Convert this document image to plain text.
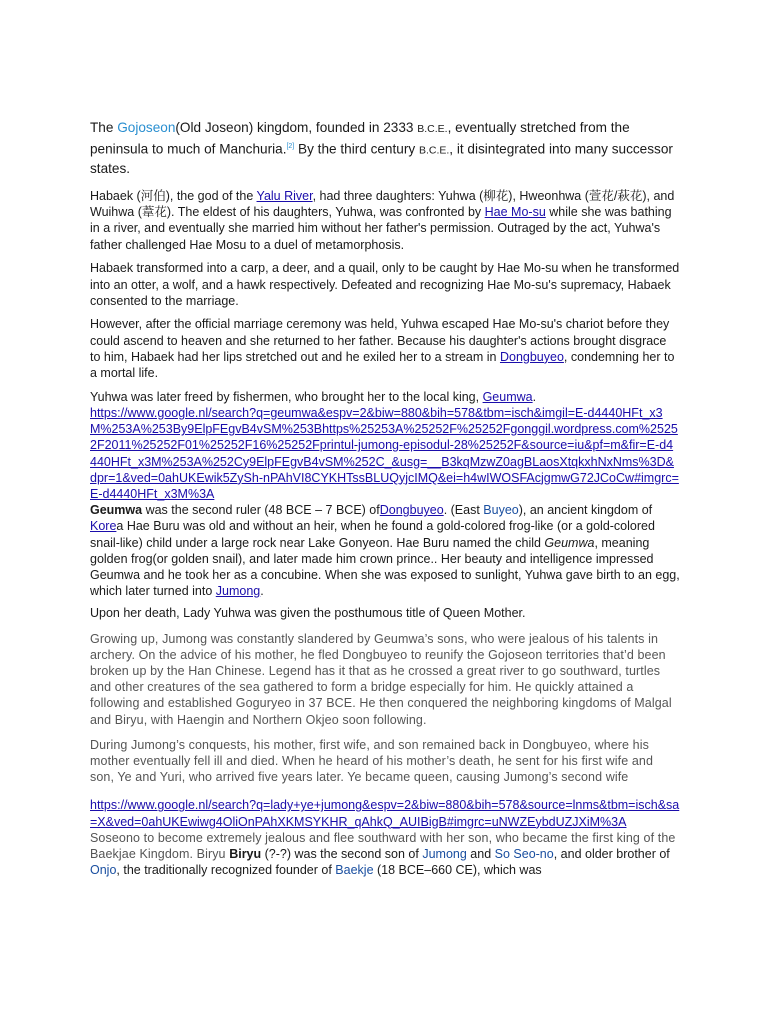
The Gojoseon(Old Joseon) kingdom, founded in 2333 B.C.E., eventually stretched from the peninsula to much of Manchuria.[2] By the third century B.C.E., it disintegrated into many successor states.

Habaek (河伯), the god of the Yalu River, had three daughters: Yuhwa (柳花), Hweonhwa (萱花/萩花), and Wuihwa (葦花). The eldest of his daughters, Yuhwa, was confronted by Hae Mo-su while she was bathing in a river, and eventually she married him without her father's permission. Outraged by the act, Yuhwa's father challenged Hae Mosu to a duel of metamorphosis.

Habaek transformed into a carp, a deer, and a quail, only to be caught by Hae Mo-su when he transformed into an otter, a wolf, and a hawk respectively. Defeated and recognizing Hae Mo-su's supremacy, Habaek consented to the marriage.

However, after the official marriage ceremony was held, Yuhwa escaped Hae Mo-su's chariot before they could ascend to heaven and she returned to her father. Because his daughter's actions brought disgrace to him, Habaek had her lips stretched out and he exiled her to a stream in Dongbuyeo, condemning her to a mortal life.

Yuhwa was later freed by fishermen, who brought her to the local king, Geumwa.
https://www.google.nl/search?q=geumwa&espv=2&biw=880&bih=578&tbm=isch&imgil=E-d4440HFt_x3M%253A%253By9ElpFEgvB4vSM%253Bhttps%25253A%25252F%25252Fgonggil.wordpress.com%25252F2011%25252F01%25252F16%25252Fprintul-jumong-episodul-28%25252F&source=iu&pf=m&fir=E-d4440HFt_x3M%253A%252Cy9ElpFEgvB4vSM%252C_&usg=__B3kqMzwZ0agBLaosXtqkxhNxNms%3D&dpr=1&ved=0ahUKEwik5ZySh-nPAhVI8CYKHTssBLUQyjcIMQ&ei=h4wIWOSFAcjgmwG72JCoCw#imgrc=E-d4440HFt_x3M%3A
Geumwa was the second ruler (48 BCE – 7 BCE) ofDongbuyeo. (East Buyeo), an ancient kingdom of Korea Hae Buru was old and without an heir, when he found a gold-colored frog-like (or a gold-colored snail-like) child under a large rock near Lake Gonyeon. Hae Buru named the child Geumwa, meaning golden frog(or golden snail), and later made him crown prince.. Her beauty and intelligence impressed Geumwa and he took her as a concubine. When she was exposed to sunlight, Yuhwa gave birth to an egg, which later turned into Jumong.

Upon her death, Lady Yuhwa was given the posthumous title of Queen Mother.

Growing up, Jumong was constantly slandered by Geumwa’s sons, who were jealous of his talents in archery. On the advice of his mother, he fled Dongbuyeo to reunify the Gojoseon territories that’d been broken up by the Han Chinese. Legend has it that as he crossed a great river to go southward, turtles and other creatures of the sea gathered to form a bridge especially for him. He quickly attained a following and established Goguryeo in 37 BCE. He then conquered the neighboring kingdoms of Malgal and Biryu, with Haengin and Northern Okjeo soon following.

During Jumong’s conquests, his mother, first wife, and son remained back in Dongbuyeo, where his mother eventually fell ill and died. When he heard of his mother’s death, he sent for his first wife and son, Ye and Yuri, who arrived five years later. Ye became queen, causing Jumong’s second wife

https://www.google.nl/search?q=lady+ye+jumong&espv=2&biw=880&bih=578&source=lnms&tbm=isch&sa=X&ved=0ahUKEwiwg4OliOnPAhXKMSYKHR_qAhkQ_AUIBigB#imgrc=uNWZEybdUZJXiM%3A Soseono to become extremely jealous and flee southward with her son, who became the first king of the Baekjae Kingdom. Biryu Biryu (?-?) was the second son of Jumong and So Seo-no, and older brother of Onjo, the traditionally recognized founder of Baekje (18 BCE–660 CE), which was
